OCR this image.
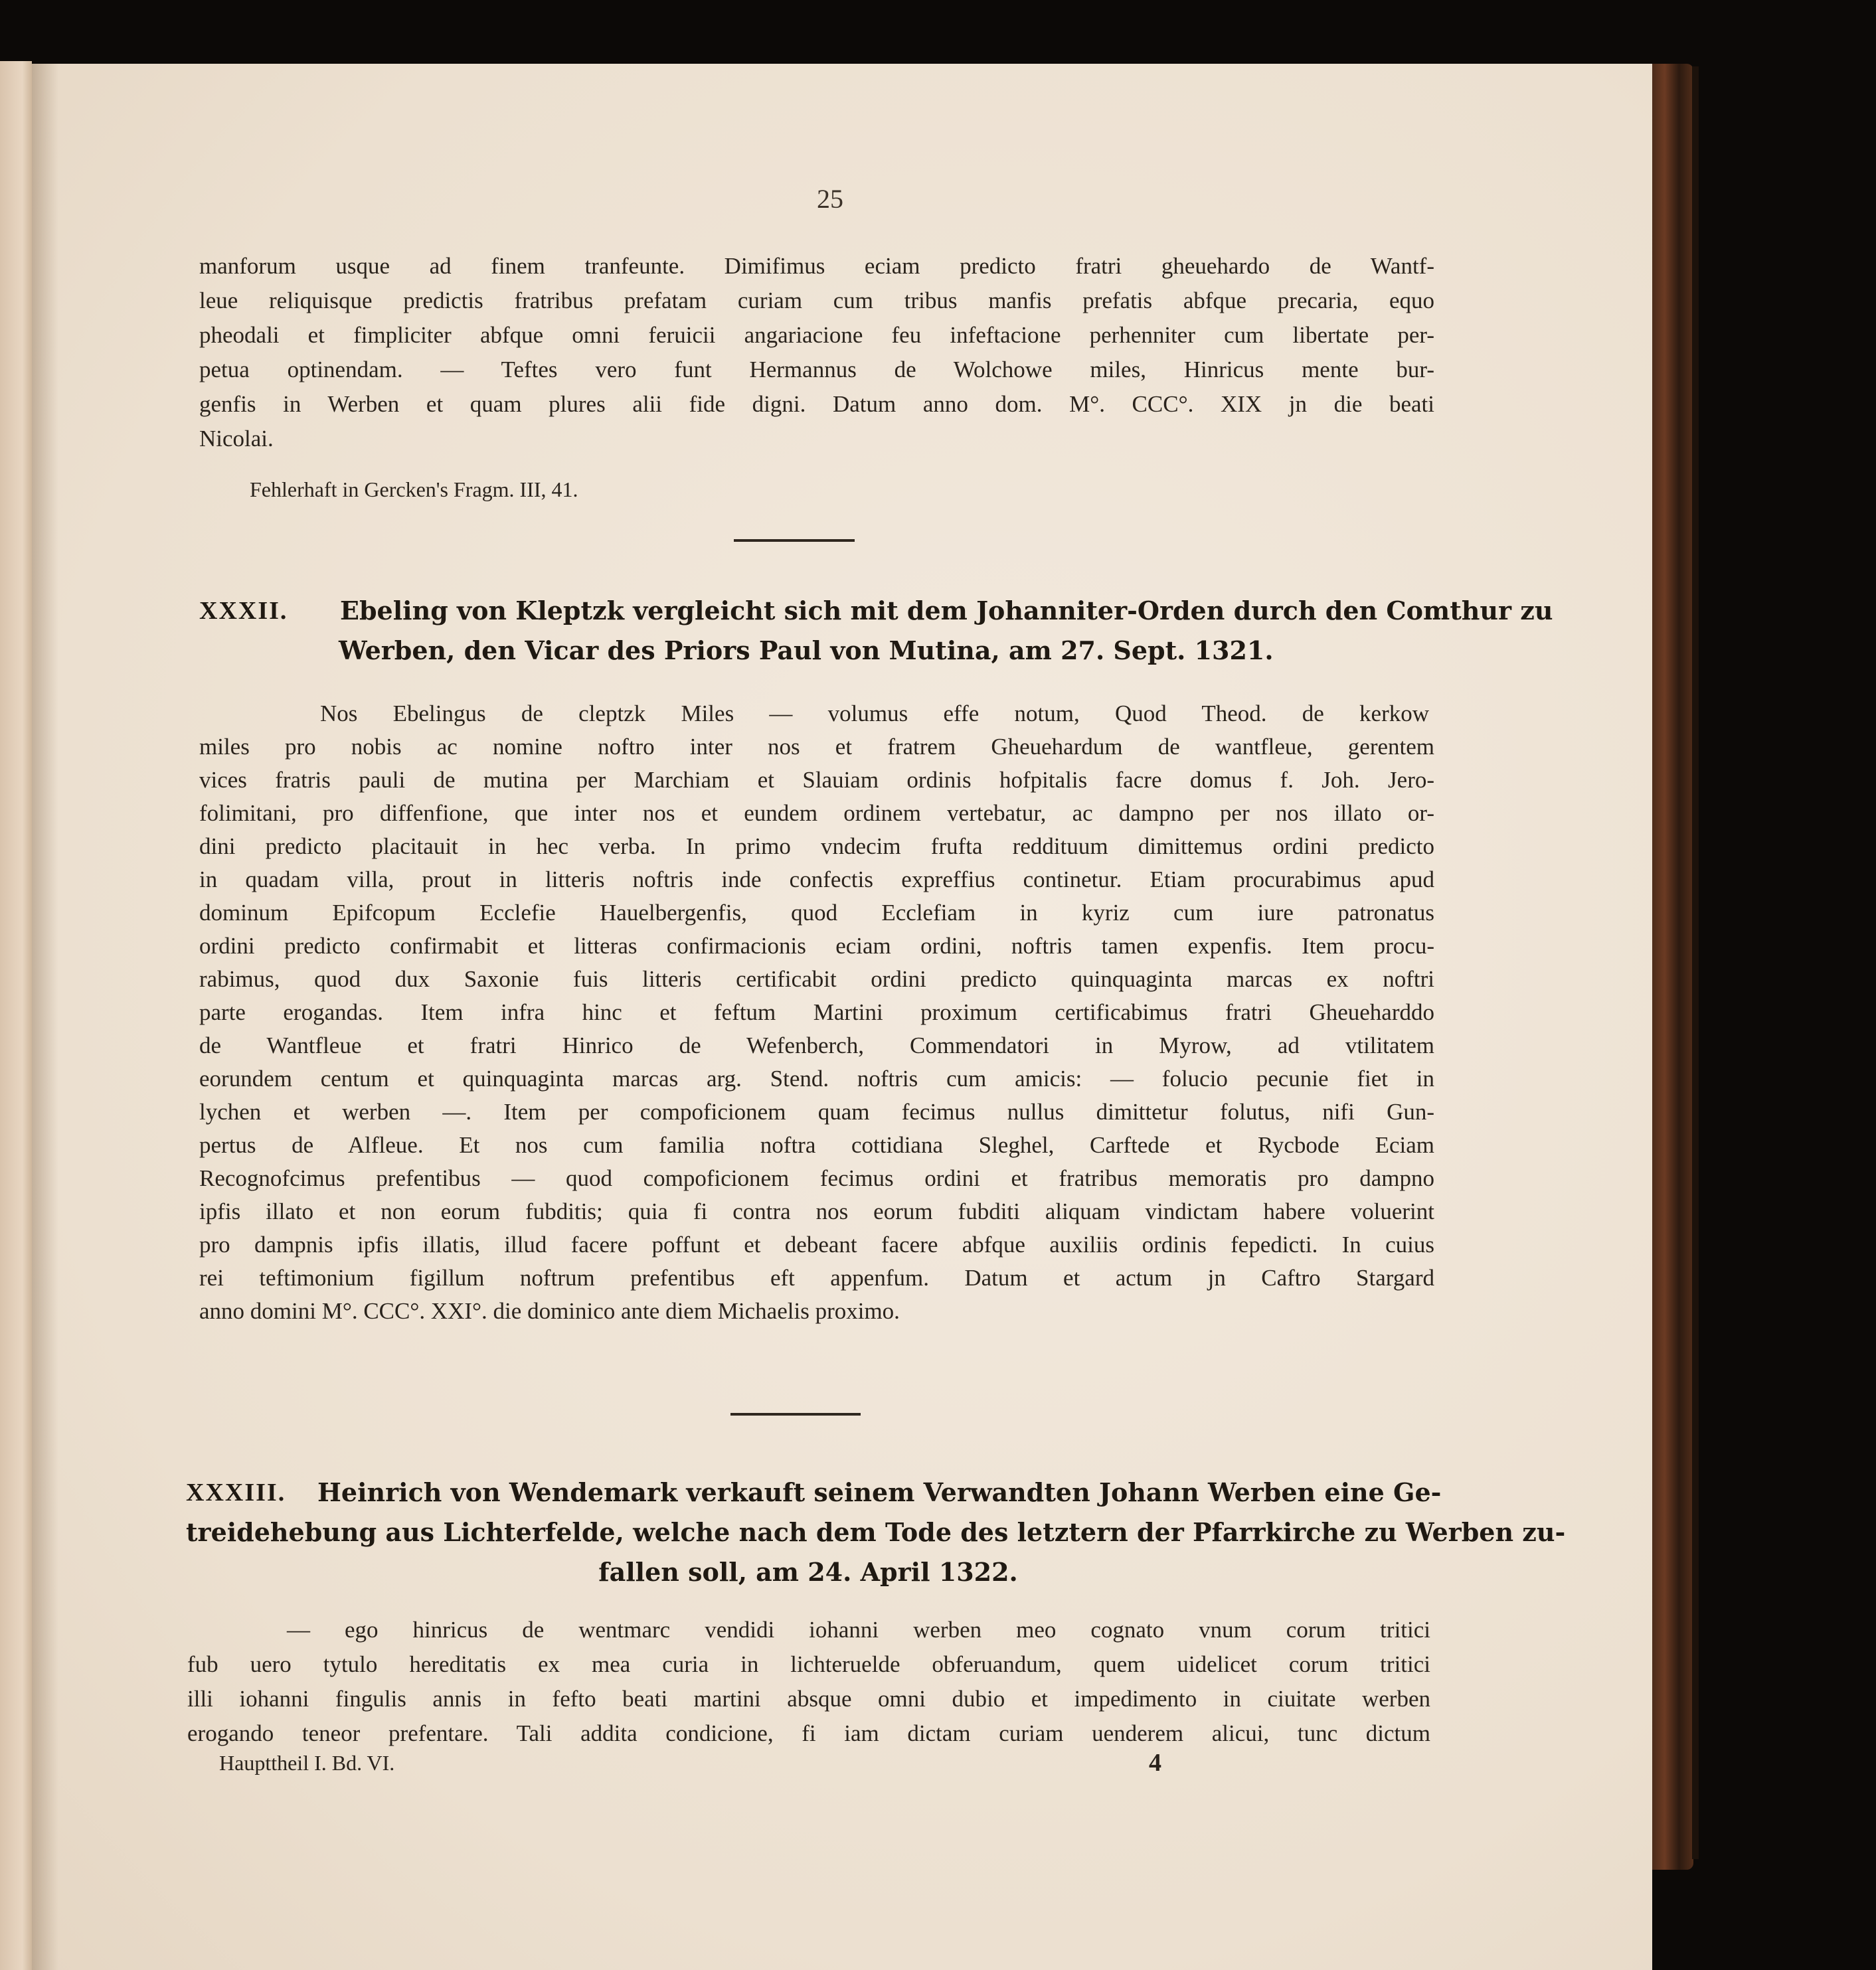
25
manforum usque ad finem tranfeunte. Dimifimus eciam predicto fratri gheuehardo de Wantf-
leue reliquisque predictis fratribus prefatam curiam cum tribus manfis prefatis abfque precaria, equo
pheodali et fimpliciter abfque omni feruicii angariacione feu infeftacione perhenniter cum libertate per-
petua optinendam. — Teftes vero funt Hermannus de Wolchowe miles, Hinricus mente bur-
genfis in Werben et quam plures alii fide digni. Datum anno dom. M°. CCC°. XIX jn die beati
Nicolai.
Fehlerhaft in Gercken's Fragm. III, 41.
XXXII. Ebeling von Kleptzk vergleicht sich mit dem Johanniter-Orden durch den Comthur zu
Werben, den Vicar des Priors Paul von Mutina, am 27. Sept. 1321.
Nos Ebelingus de cleptzk Miles — volumus effe notum, Quod Theod. de kerkow
miles pro nobis ac nomine noftro inter nos et fratrem Gheuehardum de wantfleue, gerentem
vices fratris pauli de mutina per Marchiam et Slauiam ordinis hofpitalis facre domus f. Joh. Jero-
folimitani, pro diffenfione, que inter nos et eundem ordinem vertebatur, ac dampno per nos illato or-
dini predicto placitauit in hec verba. In primo vndecim frufta reddituum dimittemus ordini predicto
in quadam villa, prout in litteris noftris inde confectis expreffius continetur. Etiam procurabimus apud
dominum Epifcopum Ecclefie Hauelbergenfis, quod Ecclefiam in kyriz cum iure patronatus
ordini predicto confirmabit et litteras confirmacionis eciam ordini, noftris tamen expenfis. Item procu-
rabimus, quod dux Saxonie fuis litteris certificabit ordini predicto quinquaginta marcas ex noftri
parte erogandas. Item infra hinc et feftum Martini proximum certificabimus fratri Gheueharddo
de Wantfleue et fratri Hinrico de Wefenberch, Commendatori in Myrow, ad vtilitatem
eorundem centum et quinquaginta marcas arg. Stend. noftris cum amicis: — folucio pecunie fiet in
lychen et werben —. Item per compoficionem quam fecimus nullus dimittetur folutus, nifi Gun-
pertus de Alfleue. Et nos cum familia noftra cottidiana Sleghel, Carftede et Rycbode Eciam
Recognofcimus prefentibus — quod compoficionem fecimus ordini et fratribus memoratis pro dampno
ipfis illato et non eorum fubditis; quia fi contra nos eorum fubditi aliquam vindictam habere voluerint
pro dampnis ipfis illatis, illud facere poffunt et debeant facere abfque auxiliis ordinis fepedicti. In cuius
rei teftimonium figillum noftrum prefentibus eft appenfum. Datum et actum jn Caftro Stargard
anno domini M°. CCC°. XXI°. die dominico ante diem Michaelis proximo.
XXXIII. Heinrich von Wendemark verkauft seinem Verwandten Johann Werben eine Ge-
treidehebung aus Lichterfelde, welche nach dem Tode des letztern der Pfarrkirche zu Werben zu-
fallen soll, am 24. April 1322.
— ego hinricus de wentmarc vendidi iohanni werben meo cognato vnum corum tritici
fub uero tytulo hereditatis ex mea curia in lichteruelde obferuandum, quem uidelicet corum tritici
illi iohanni fingulis annis in fefto beati martini absque omni dubio et impedimento in ciuitate werben
erogando teneor prefentare. Tali addita condicione, fi iam dictam curiam uenderem alicui, tunc dictum
Haupttheil I. Bd. VI.	4
